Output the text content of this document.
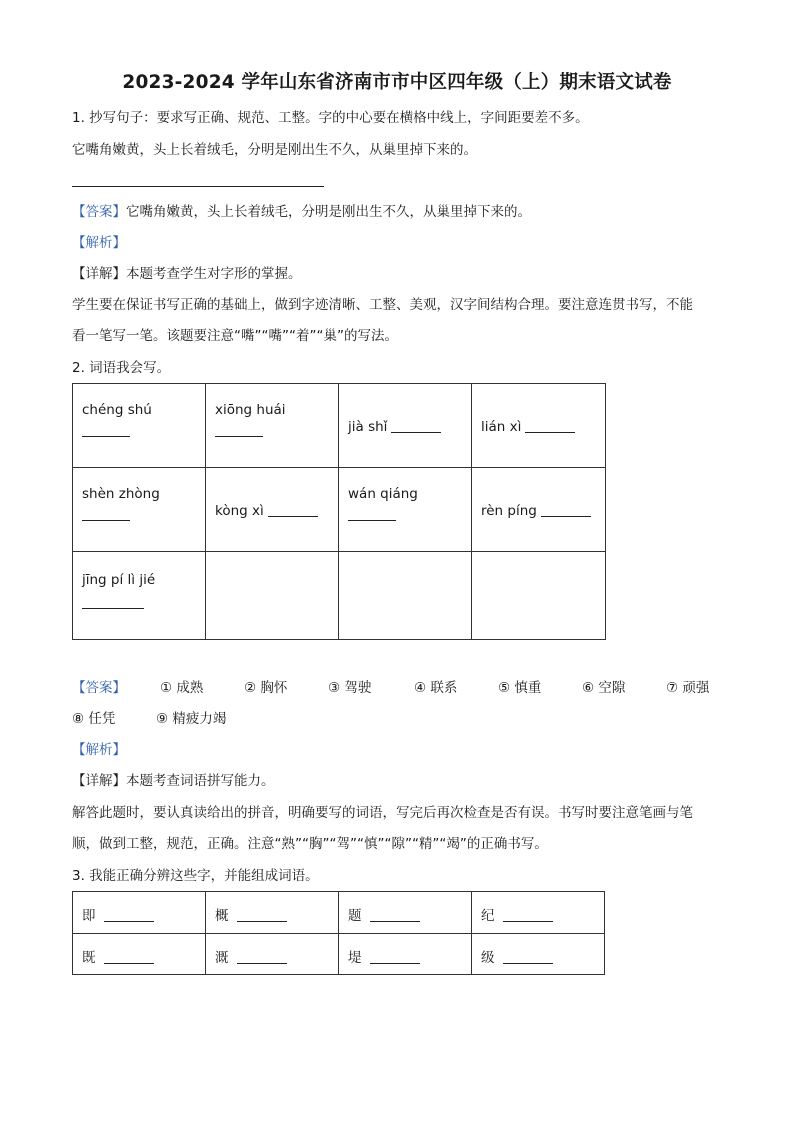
2023-2024 学年山东省济南市市中区四年级（上）期末语文试卷
1. 抄写句子：要求写正确、规范、工整。字的中心要在横格中线上，字间距要差不多。
它嘴角嫩黄，头上长着绒毛，分明是刚出生不久，从巢里掉下来的。
【答案】它嘴角嫩黄，头上长着绒毛，分明是刚出生不久，从巢里掉下来的。
【解析】
【详解】本题考查学生对字形的掌握。
学生要在保证书写正确的基础上，做到字迹清晰、工整、美观，汉字间结构合理。要注意连贯书写，不能
看一笔写一笔。该题要注意“嘴”“嘴”“着”“巢”的写法。
2. 词语我会写。
chéng shú	xiōng huái	jià shǐ	lián xì

shèn zhòng	kòng xì	wán qiáng	rèn píng

jīng pí lì jié			

【答案】	① 成熟	② 胸怀	③ 驾驶	④ 联系	⑤ 慎重	⑥ 空隙	⑦ 顽强
⑧ 任凭	⑨ 精疲力竭
【解析】
【详解】本题考查词语拼写能力。
解答此题时，要认真读给出的拼音，明确要写的词语，写完后再次检查是否有误。书写时要注意笔画与笔
顺，做到工整，规范，正确。注意“熟”“胸”“驾”“慎”“隙”“精”“竭”的正确书写。
3. 我能正确分辨这些字，并能组成词语。
即	概	题	纪

既	溉	堤	级
